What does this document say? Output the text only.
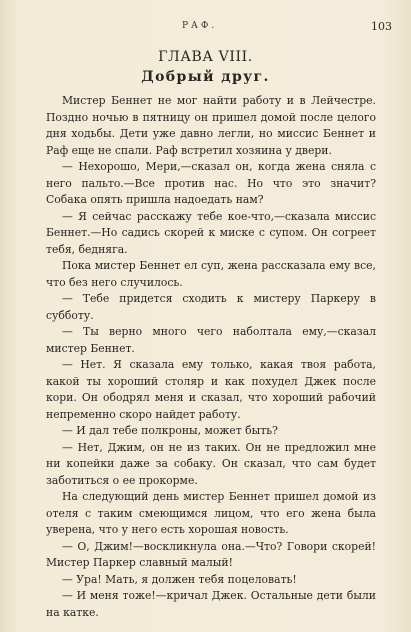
РАФ.	103
ГЛАВА VIII.
Добрый друг.

Мистер Беннет не мог найти работу и в Лейчестре. Поздно ночью в пятницу он пришел домой после целого дня ходьбы. Дети уже давно легли, но миссис Беннет и Раф еще не спали. Раф встретил хозяина у двери.

— Нехорошо, Мери,—сказал он, когда жена сняла с него пальто.—Все против нас. Но что это значит? Собака опять пришла надоедать нам?

— Я сейчас расскажу тебе кое-что,—сказала миссис Беннет.—Но садись скорей к миске с супом. Он согреет тебя, бедняга.

Пока мистер Беннет ел суп, жена рассказала ему все, что без него случилось.

— Тебе придется сходить к мистеру Паркеру в субботу.

— Ты верно много чего наболтала ему,—сказал мистер Беннет.

— Нет. Я сказала ему только, какая твоя работа, какой ты хороший столяр и как похудел Джек после кори. Он ободрял меня и сказал, что хороший рабочий непременно скоро найдет работу.

— И дал тебе полкроны, может быть?

— Нет, Джим, он не из таких. Он не предложил мне ни копейки даже за собаку. Он сказал, что сам будет заботиться о ее прокорме.

На следующий день мистер Беннет пришел домой из отеля с таким смеющимся лицом, что его жена была уверена, что у него есть хорошая новость.

— О, Джим!—воскликнула она.—Что? Говори скорей! Мистер Паркер славный малый!

— Ура! Мать, я должен тебя поцеловать!

— И меня тоже!—кричал Джек. Остальные дети были на катке.
